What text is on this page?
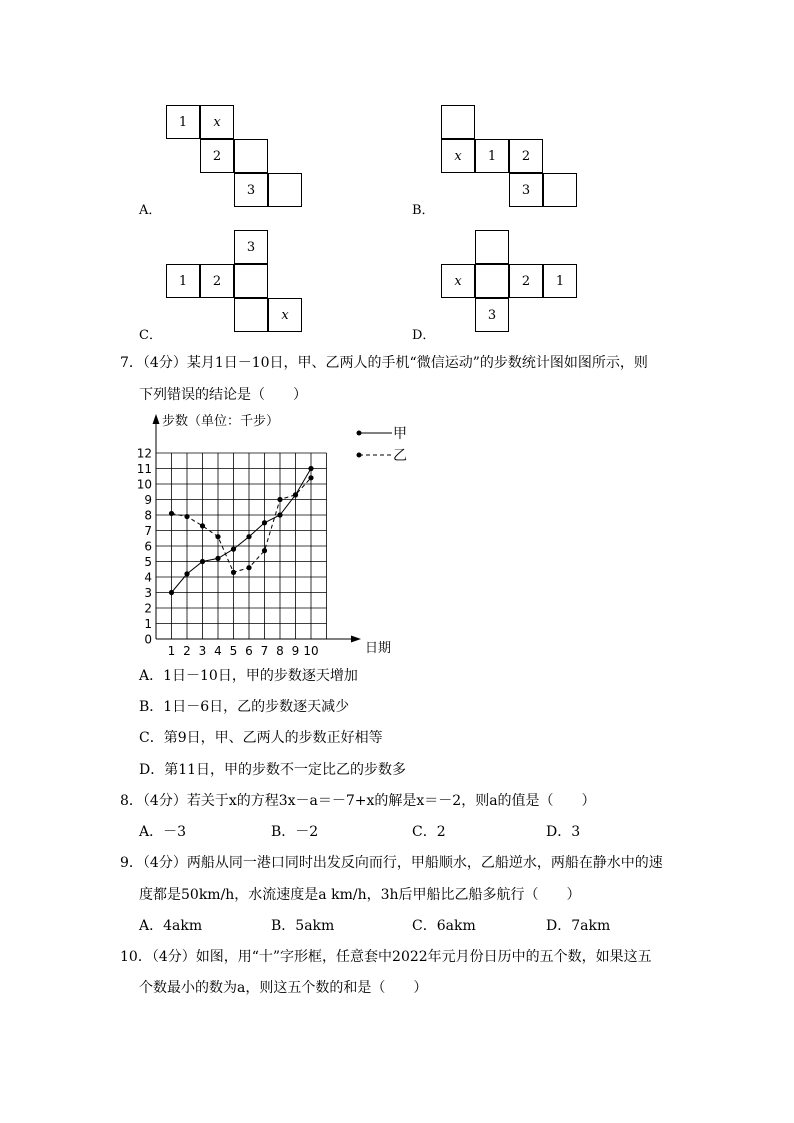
1 x
2
3
A．
x 1 2
3
B．
3
1 2
x
C．
x	2 1
3
D．
7．（4分）某月1日－10日，甲、乙两人的手机“微信运动”的步数统计图如图所示，则
下列错误的结论是（　　）
0
1
2
3
4
5
6
7
8
9
10
11
12
1 2 3 4 5 6 7 8 9 10
步数（单位：千步）
日期
甲
乙
A．1日－10日，甲的步数逐天增加
B．1日－6日，乙的步数逐天减少
C．第9日，甲、乙两人的步数正好相等
D．第11日，甲的步数不一定比乙的步数多
8．（4分）若关于x的方程3x－a＝－7+x的解是x＝－2，则a的值是（　　）
A．－3	B．－2	C．2	D．3
9．（4分）两船从同一港口同时出发反向而行，甲船顺水，乙船逆水，两船在静水中的速
度都是50km/h，水流速度是a km/h，3h后甲船比乙船多航行（　　）
A．4akm	B．5akm	C．6akm	D．7akm
10．（4分）如图，用“十”字形框，任意套中2022年元月份日历中的五个数，如果这五
个数最小的数为a，则这五个数的和是（　　）
